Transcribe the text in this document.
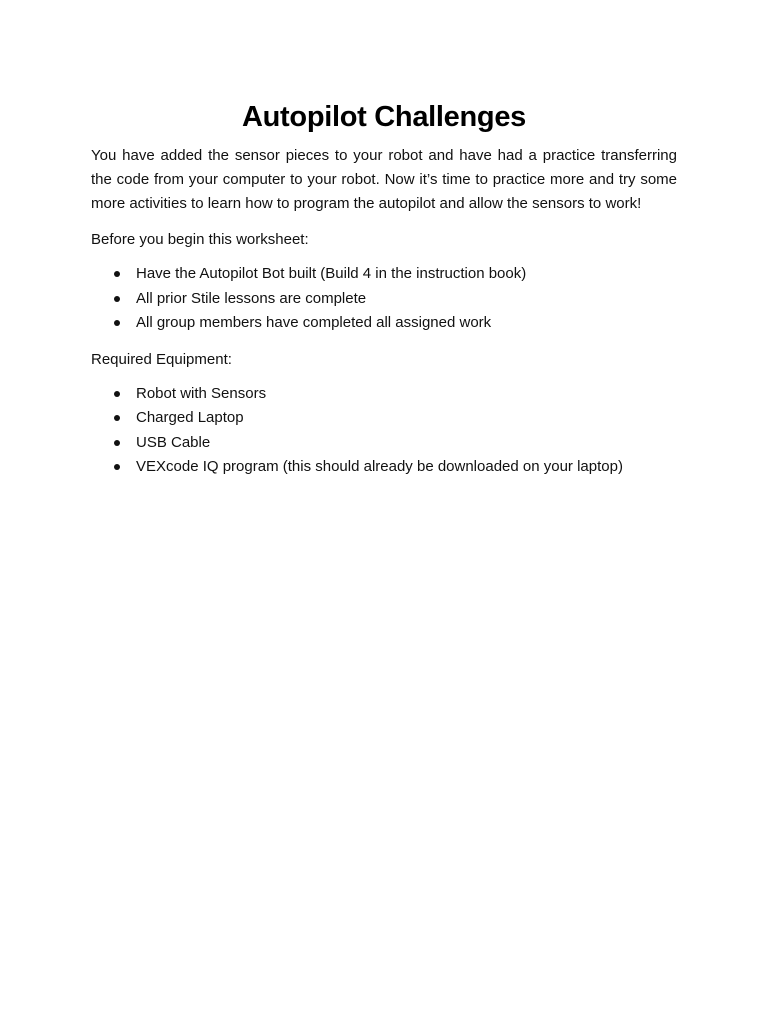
Autopilot Challenges

You have added the sensor pieces to your robot and have had a practice transferring the code from your computer to your robot. Now it’s time to practice more and try some more activities to learn how to program the autopilot and allow the sensors to work!

Before you begin this worksheet:

Have the Autopilot Bot built (Build 4 in the instruction book)
All prior Stile lessons are complete
All group members have completed all assigned work

Required Equipment:

Robot with Sensors
Charged Laptop
USB Cable
VEXcode IQ program (this should already be downloaded on your laptop)
